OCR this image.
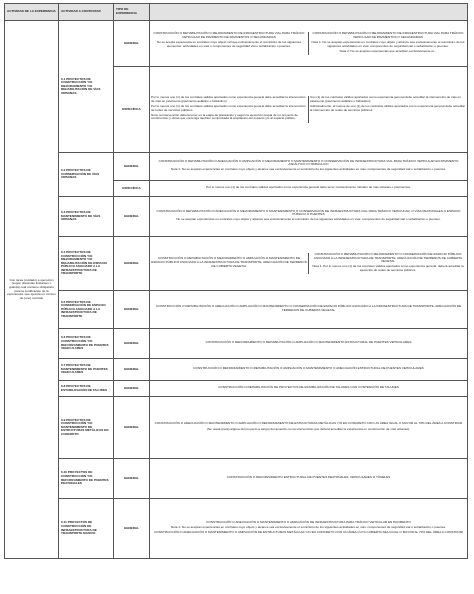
ACTIVIDAD DE LA EXPERIENCIA	ACTIVIDAD A CONTRATAR	TIPO DE EXPERIENCIA	
Con tarea (cuidado) a ejecución (según cláusulas limitantes o guarda) cual contiene obligatorio para la certificación de la experiencia, que ejecuta un mínimo de (uno) contrato	6.1 PROYECTOS DE CONSTRUCCIÓN Y/O MEJORAMIENTO Y/O REHABILITACIÓN DE VÍAS URBANAS	GENERAL	CONSTRUCCIÓN O REHABILITACIÓN O MEJORAMIENTO DE INFRAESTRUCTURA VIAL PARA TRÁFICO VEHICULAR DE PAVIMENTO DE PAVIMENTOS O SECUNDARIAS

No se acepta experiencia en contratos cuyo objeto incluya exclusivamente el suministro de los siguientes elementos: actividades en vías o componentes de seguridad vial o señalización o puentes.

CONSTRUCCIÓN O REHABILITACIÓN O MEJORAMIENTO DE INFRAESTRUCTURA VIAL PARA TRÁFICO VEHICULAR DE PAVIMENTOS O SECUNDARIAS

Nota 1: No se aceptan experiencias en contratos cuyo objeto y alcance sea exclusivamente el suministro de los siguientes actividades en vías: componentes de seguridad vial o señalización o puentes.

Nota 2: No se aceptan experiencias que acrediten exclusivamente el...

		ESPECÍFICA	Por lo menos uno (1) de los contratos válidos aportados como experiencia general debe acreditar la intervención de vías en pavimento (pavimento asfáltico o hidráulico).

Por lo menos uno (1) de los contratos válidos aportados como experiencia general debe acreditar la intervención de redes de servicios públicos.

Nota: la intervención deberá tener en la etapa de planeación y según la ejecución propia de un proyecto de construcción y obras que contenga también comprobada la ampliación del impacto y/o al espacio público.

Uno (1) de los contratos válidos aportados como experiencia general debe acreditar la intervención de vías en pavimento (pavimento asfáltico o hidráulico).

Adicionalmente, al menos de uno (1) de los contratos válidos aportados como experiencia general debe acreditar la intervención de redes de servicios públicos.

	6.2 PROYECTOS DE CONSERVACIÓN DE VÍAS URBANAS	GENERAL	CONSTRUCCIÓN O REHABILITACIÓN O ADECUACIÓN O AMPLIACIÓN O MEJORAMIENTO O MANTENIMIENTO O CONSERVACIÓN DE INFRAESTRUCTURA VIAL PARA TRÁFICO VEHICULAR EN PAVIMENTO ASFÁLTICO O HIDRÁULICO

Nota 1: No se aceptan experiencias en contratos cuyo objeto y alcance sea exclusivamente el suministro de los siguientes actividades en vías: componentes de seguridad vial o señalización o puentes.

		ESPECÍFICA	Por lo menos uno (1) de los contratos válidos aportados como experiencia general debe tener mantenimiento rutinario de vías urbanas o pavimentos.

	6.3 PROYECTOS DE MANTENIMIENTO DE VÍAS URBANAS	GENERAL	CONSTRUCCIÓN O REHABILITACIÓN O ADECUACIÓN O MEJORAMIENTO O MANTENIMIENTO O CONSERVACIÓN DE INFRAESTRUCTURA VIAL PARA TRÁFICO VEHICULAR, O VÍAS PEATONALES O ESPACIO PÚBLICO O PUENTES

No se aceptan experiencias en contratos cuyo objeto y alcance sea exclusivamente el suministro de los siguientes actividades en vías: componentes de seguridad vial o señalización o puentes.

	6.4 PROYECTOS DE CONSTRUCCIÓN Y/O MEJORAMIENTO Y/O REHABILITACIÓN DE ESPACIO PÚBLICO ASOCIADO A LA INFRAESTRUCTURA DE TRANSPORTE	GENERAL	CONSTRUCCIÓN O REHABILITACIÓN O MEJORAMIENTO O AMPLIACIÓN O MANTENIMIENTO DE ESPACIO PÚBLICO ASOCIADO A LA INFRAESTRUCTURA DE TRANSPORTE, ADECUACIÓN DE TERRENOS DE CUBIERTA VEGETAL

CONSTRUCCIÓN O REHABILITACIÓN O MEJORAMIENTO O CONSERVACIÓN DE ESPACIO PÚBLICO ASOCIADO A LA INFRAESTRUCTURA DE TRANSPORTE, ADECUACIÓN DE TERRENOS DE CUBIERTA VEGETAL

Nota 1: Por lo menos uno (1) de los contratos válidos aportados como experiencia general, deberá acreditar la ejecución de redes de servicios públicos.

	6.5 PROYECTOS DE CONSERVACIÓN DE ESPACIO PÚBLICO ASOCIADO A LA INFRAESTRUCTURA DE TRANSPORTE	GENERAL	CONSTRUCCIÓN O REHABILITACIÓN O ADECUACIÓN O AMPLIACIÓN O MANTENIMIENTO O CONSERVACIÓN DE ESPACIO PÚBLICO ASOCIADO A LA INFRAESTRUCTURA DE TRANSPORTE, ADECUACIÓN DE TERRENOS DE CUBIERTA VEGETAL

	6.6 PROYECTOS DE CONSTRUCCIÓN Y/O REFORZAMIENTO DE PUENTES VEHICULARES	GENERAL	CONSTRUCCIÓN O REFORZAMIENTO O REHABILITACIÓN O AMPLIACIÓN O MANTENIMIENTO ESTRUCTURAL DE PUENTES VEHICULARES

	6.7 PROYECTOS DE MANTENIMIENTO DE PUENTES VEHICULARES	GENERAL	CONSTRUCCIÓN O REFORZAMIENTO O REHABILITACIÓN O AMPLIACIÓN O MANTENIMIENTO O ADECUACIÓN ESTRUCTURAL DE PUENTES VEHICULARES

	6.8 PROYECTOS DE ESTABILIZACIÓN DE TALUDES	GENERAL	CONSTRUCCIÓN O REHABILITACIÓN DE PROYECTOS DE ESTABILIZACIÓN DE TALUDES CON CONTENCIÓN DE TALUDES

	6.9 PROYECTOS DE CONSTRUCCIÓN Y/O MANTENIMIENTO DE ESTRUCTURAS METÁLICAS EN CONCRETO	GENERAL	CONSTRUCCIÓN O ADECUACIÓN O MANTENIMIENTO O AMPLIACIÓN O REFORZAMIENTO DE ESTRUCTURAS METÁLICAS Y/O EN CONCRETO CON UN ÁREA IGUAL O MAYOR AL 70% DEL ÁREA A CONSTRUIR

(Se usará (para) alguna del proyecto a cargo) del acuerdo con la intervención que deberá acreditar la experiencia en construcción de vías urbanas).

	6.10 PROYECTOS DE CONSTRUCCIÓN Y/O REFORZAMIENTO DE PUENTES PEATONALES	GENERAL	CONSTRUCCIÓN O REFORZAMIENTO ESTRUCTURAL DE PUENTES PEATONALES, VEHICULARES O TÚNELES

	6.11 PROYECTOS DE CONSTRUCCIÓN DE INFRAESTRUCTURA DE TRANSPORTE MASIVO	GENERAL	CONSTRUCCIÓN O ADECUACIÓN O MANTENIMIENTO O AMPLIACIÓN DE INFRAESTRUCTURA PARA TRÁFICO VEHICULAR EN PAVIMENTO

Nota 1: No se aceptan experiencias en contratos cuyo objeto y alcance sea exclusivamente el suministro de los siguientes actividades en vías: componentes de seguridad vial o señalización o puentes.

CONSTRUCCIÓN O ADECUACIÓN O MANTENIMIENTO O AMPLIACIÓN DE ESTRUCTURAS METÁLICAS Y/O EN CONCRETO CON UN ÁREA CUYA CUBIERTA SEA IGUAL O MAYOR AL 70% DEL ÁREA A CONSTRUIR
